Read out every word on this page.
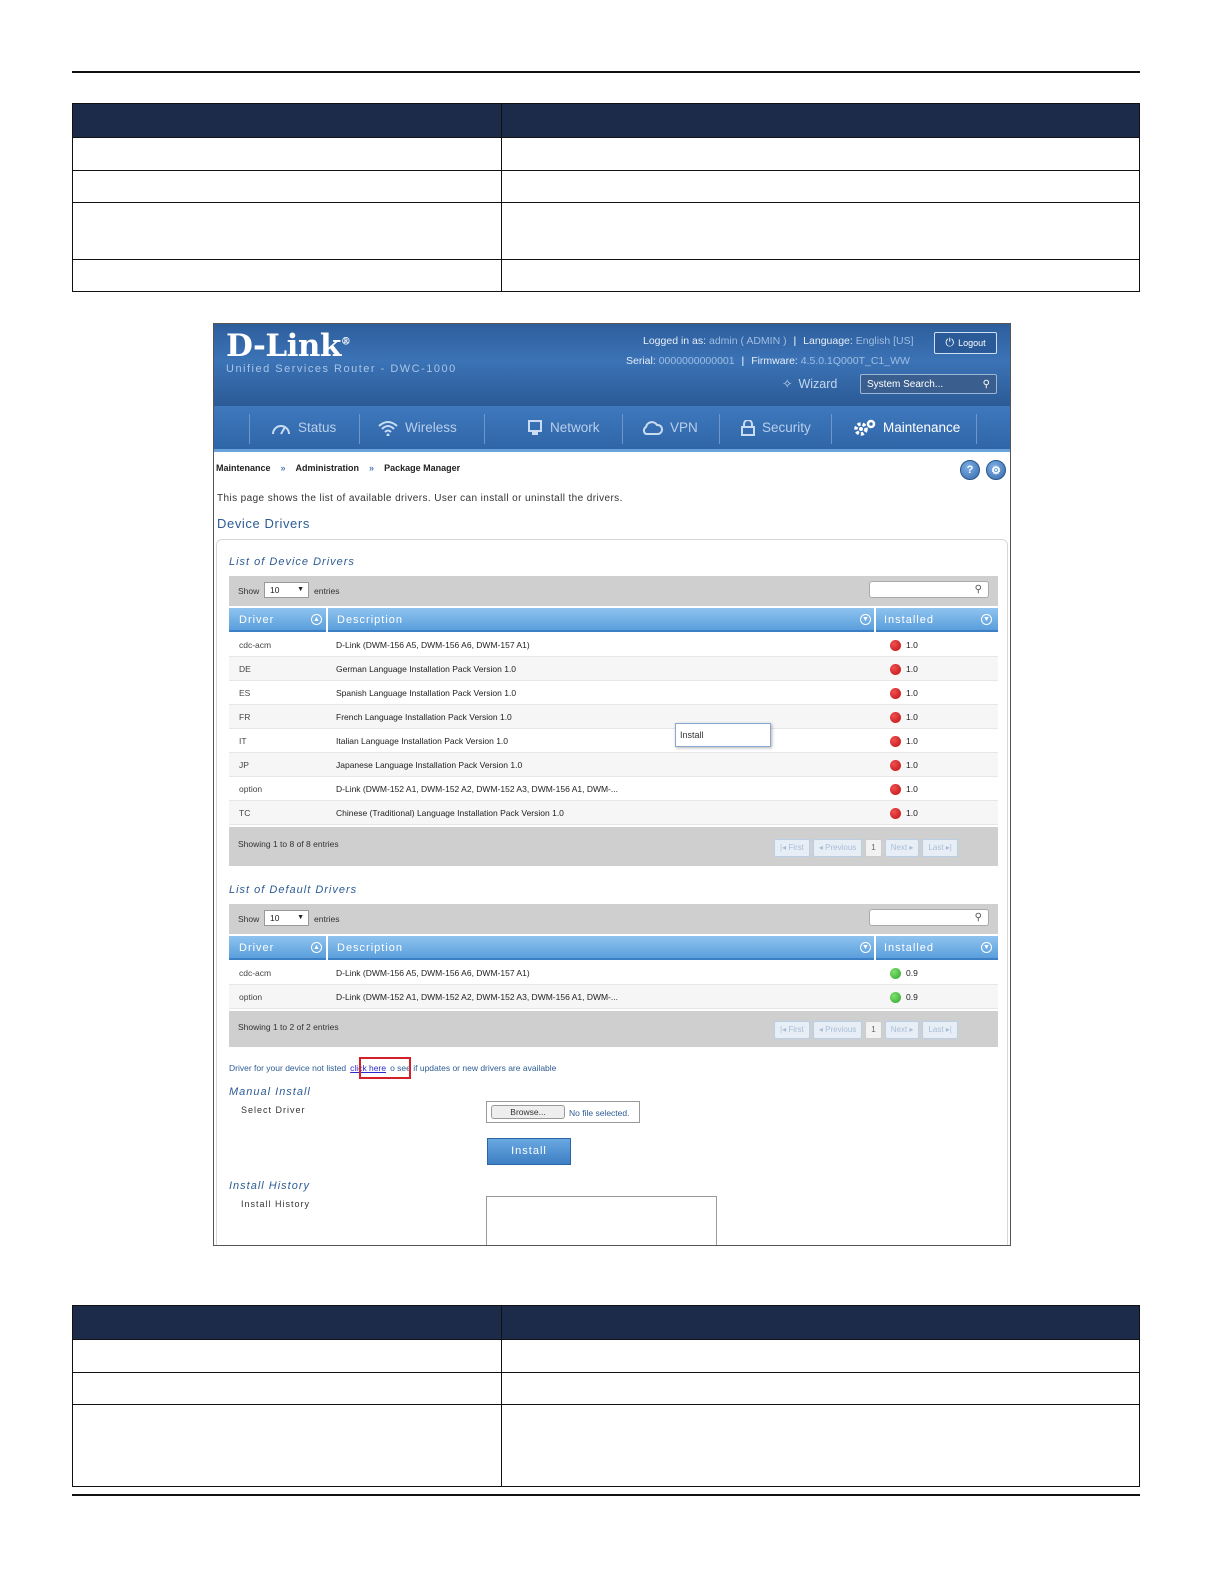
D-Link®
Unified Services Router - DWC-1000
Logged in as: admin ( ADMIN ) | Language: English [US]	⏻ Logout
Serial: 0000000000001 | Firmware: 4.5.0.1Q000T_C1_WW
✧ Wizard	System Search...	⚲
Status	Wireless	Network	VPN	Security	Maintenance
Maintenance » Administration » Package Manager	?	⚙
This page shows the list of available drivers. User can install or uninstall the drivers.
Device Drivers
List of Device Drivers
Show	10	▼ entries	⚲
Driver	▲ Description	▼ Installed	▼
cdc-acm	D-Link (DWM-156 A5, DWM-156 A6, DWM-157 A1)	1.0
DE	German Language Installation Pack Version 1.0	1.0
ES	Spanish Language Installation Pack Version 1.0	1.0
FR	French Language Installation Pack Version 1.0	1.0
IT	Italian Language Installation Pack Version 1.0	1.0
JP	Japanese Language Installation Pack Version 1.0	1.0
option	D-Link (DWM-152 A1, DWM-152 A2, DWM-152 A3, DWM-156 A1, DWM-...	1.0
TC	Chinese (Traditional) Language Installation Pack Version 1.0	1.0
Install
Showing 1 to 8 of 8 entries	|◂ First	◂ Previous	1	Next ▸	Last ▸|
List of Default Drivers
Show	10	▼ entries	⚲
Driver	▲ Description	▼ Installed	▼
cdc-acm	D-Link (DWM-156 A5, DWM-156 A6, DWM-157 A1)	0.9
option	D-Link (DWM-152 A1, DWM-152 A2, DWM-152 A3, DWM-156 A1, DWM-...	0.9
Showing 1 to 2 of 2 entries	|◂ First	◂ Previous	1	Next ▸	Last ▸|
Driver for your device not listed click here o see if updates or new drivers are available
Manual Install
Select Driver	Browse...	No file selected.
Install
Install History
Install History
